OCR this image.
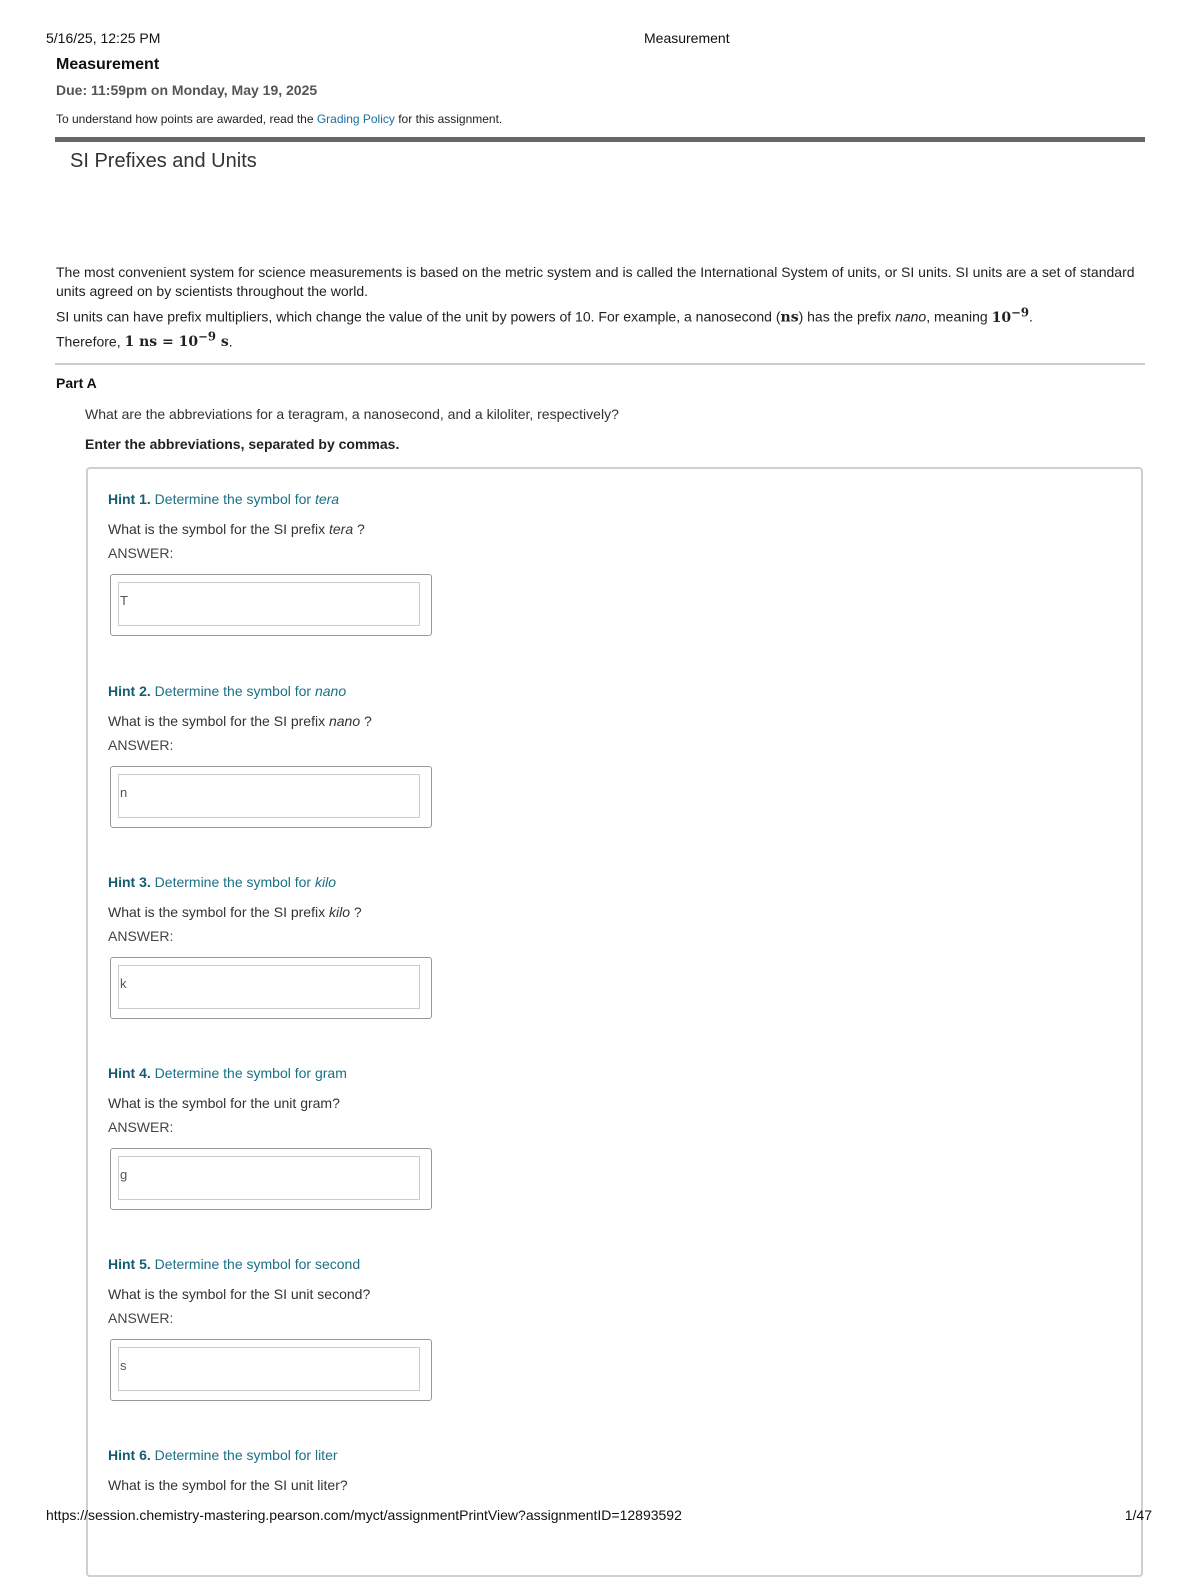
5/16/25, 12:25 PM	Measurement
Measurement
Due: 11:59pm on Monday, May 19, 2025
To understand how points are awarded, read the Grading Policy for this assignment.
SI Prefixes and Units

The most convenient system for science measurements is based on the metric system and is called the International System of units, or SI units. SI units are a set of standard units agreed on by scientists throughout the world.

SI units can have prefix multipliers, which change the value of the unit by powers of 10. For example, a nanosecond (ns) has the prefix nano, meaning $10^{-9}$.
Therefore, 1 ns = $10^{-9}$ s.

Part A
What are the abbreviations for a teragram, a nanosecond, and a kiloliter, respectively?
Enter the abbreviations, separated by commas.
Hint 1. Determine the symbol for tera
What is the symbol for the SI prefix tera ?
ANSWER:
T
Hint 2. Determine the symbol for nano
What is the symbol for the SI prefix nano ?
ANSWER:
n
Hint 3. Determine the symbol for kilo
What is the symbol for the SI prefix kilo ?
ANSWER:
k
Hint 4. Determine the symbol for gram
What is the symbol for the unit gram?
ANSWER:
g
Hint 5. Determine the symbol for second
What is the symbol for the SI unit second?
ANSWER:
s
Hint 6. Determine the symbol for liter
What is the symbol for the SI unit liter?
https://session.chemistry-mastering.pearson.com/myct/assignmentPrintView?assignmentID=12893592	1/47
